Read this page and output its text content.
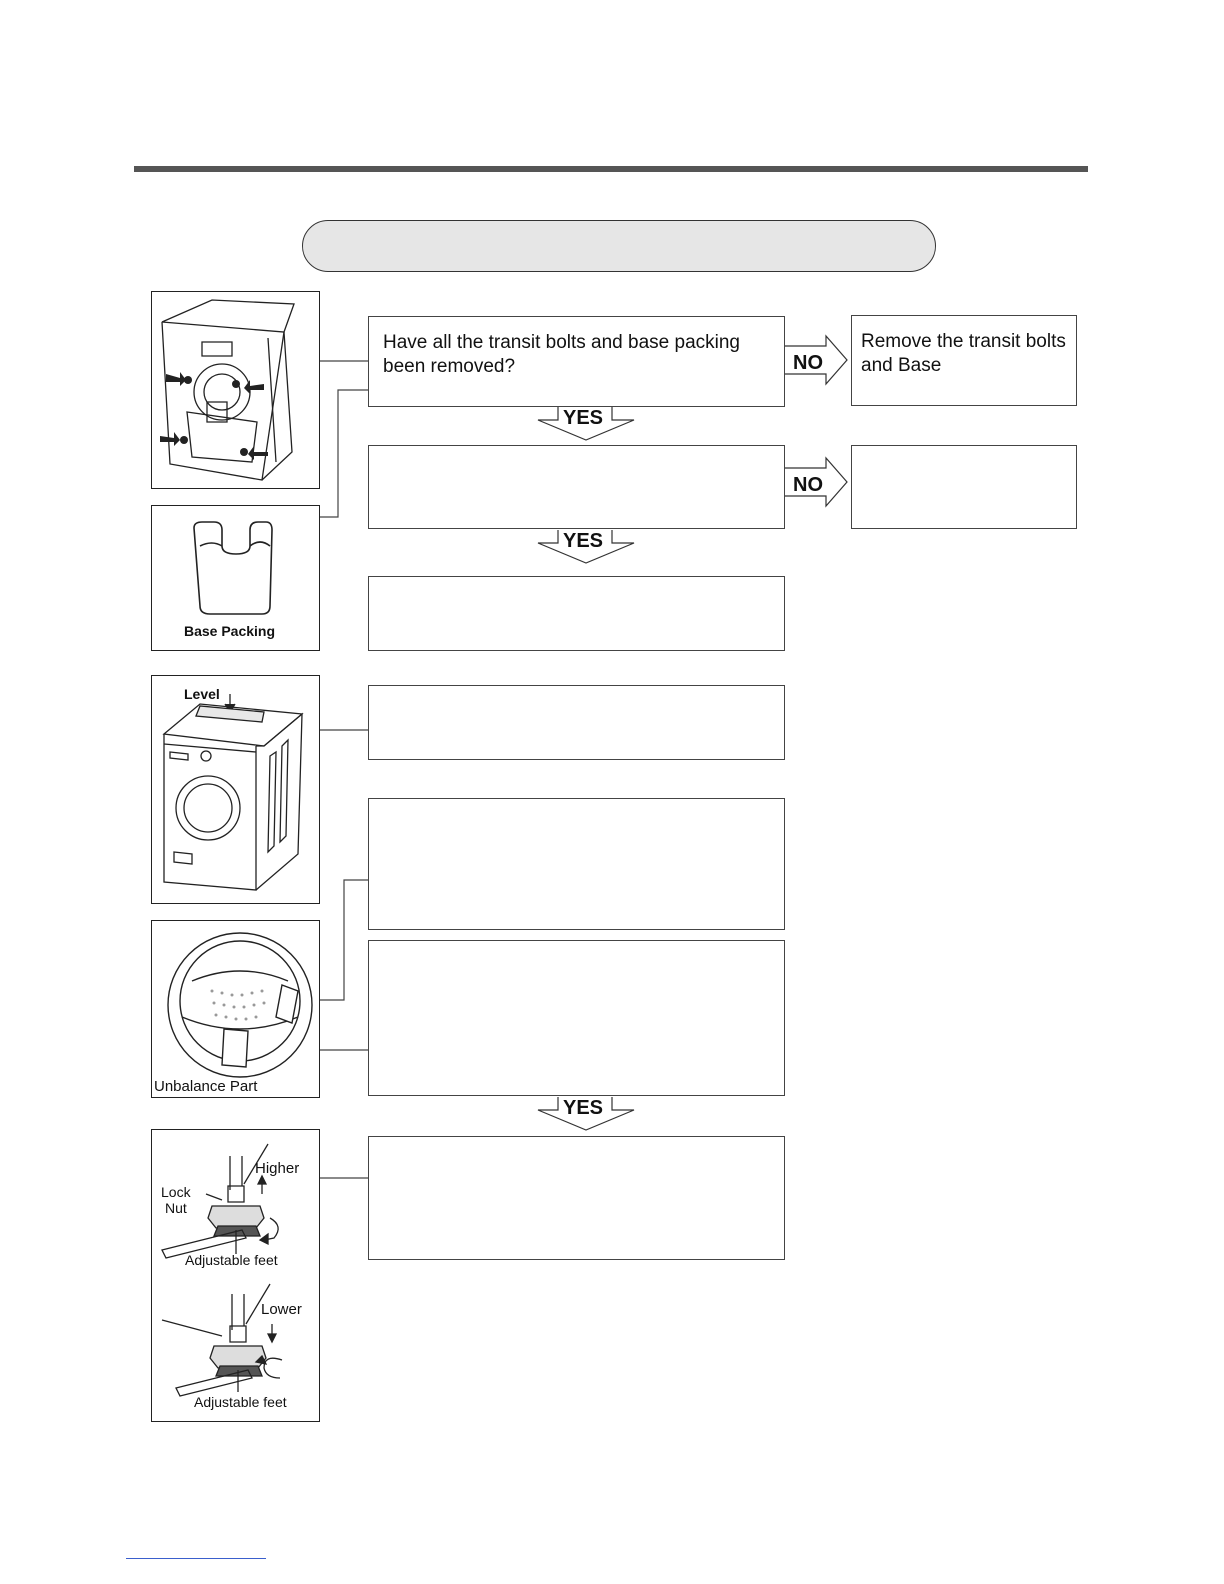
Have all the transit bolts and base packing been removed?
Remove the transit bolts and Base
YES
YES
YES
NO
NO
Base Packing
Level
Unbalance Part
Lock
Nut
Higher
Adjustable feet
Lower
Adjustable feet
